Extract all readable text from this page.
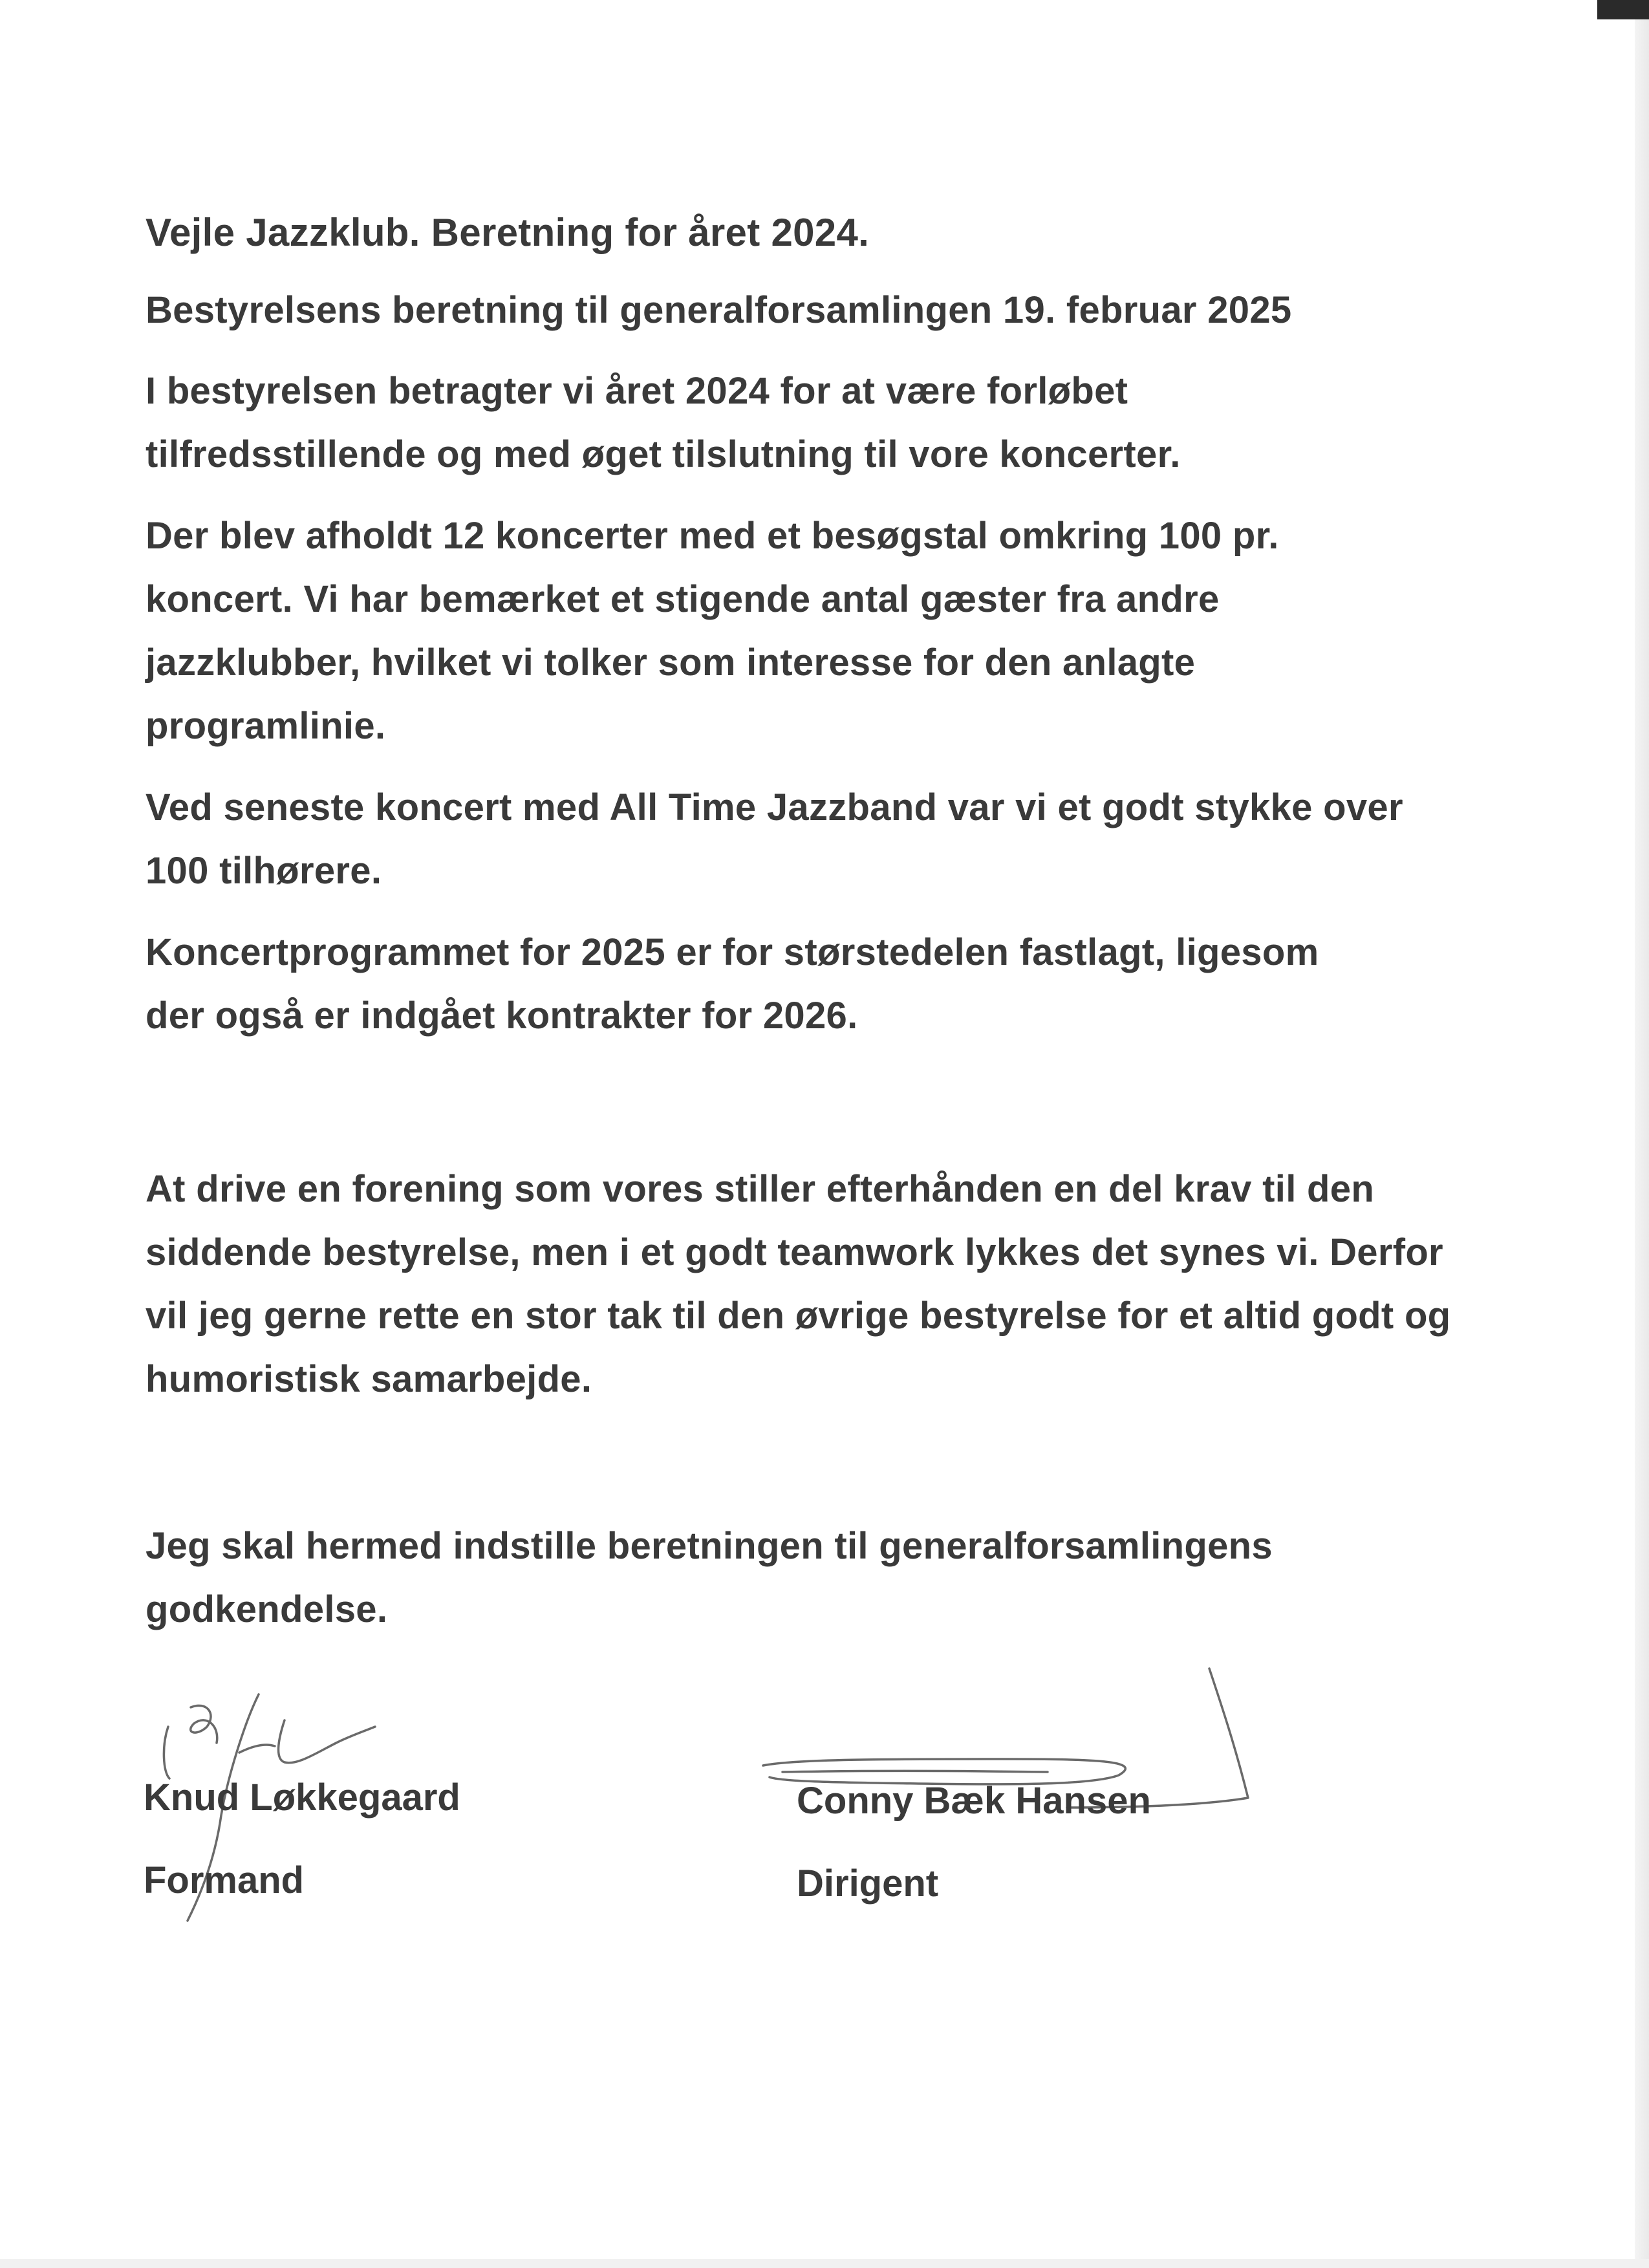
Vejle Jazzklub. Beretning for året 2024.

Bestyrelsens beretning til generalforsamlingen 19. februar 2025

I bestyrelsen betragter vi året 2024 for at være forløbet tilfredsstillende og med øget tilslutning til vore koncerter.

Der blev afholdt 12 koncerter med et besøgstal omkring 100 pr. koncert. Vi har bemærket et stigende antal gæster fra andre jazzklubber, hvilket vi tolker som interesse for den anlagte programlinie.

Ved seneste koncert med All Time Jazzband var vi et godt stykke over 100 tilhørere.

Koncertprogrammet for 2025 er for størstedelen fastlagt, ligesom der også er indgået kontrakter for 2026.

At drive en forening som vores stiller efterhånden en del krav til den siddende bestyrelse, men i et godt teamwork lykkes det synes vi. Derfor vil jeg gerne rette en stor tak til den øvrige bestyrelse for et altid godt og humoristisk samarbejde.

Jeg skal hermed indstille beretningen til generalforsamlingens godkendelse.

Knud Løkkegaard

Formand

Conny Bæk Hansen

Dirigent
